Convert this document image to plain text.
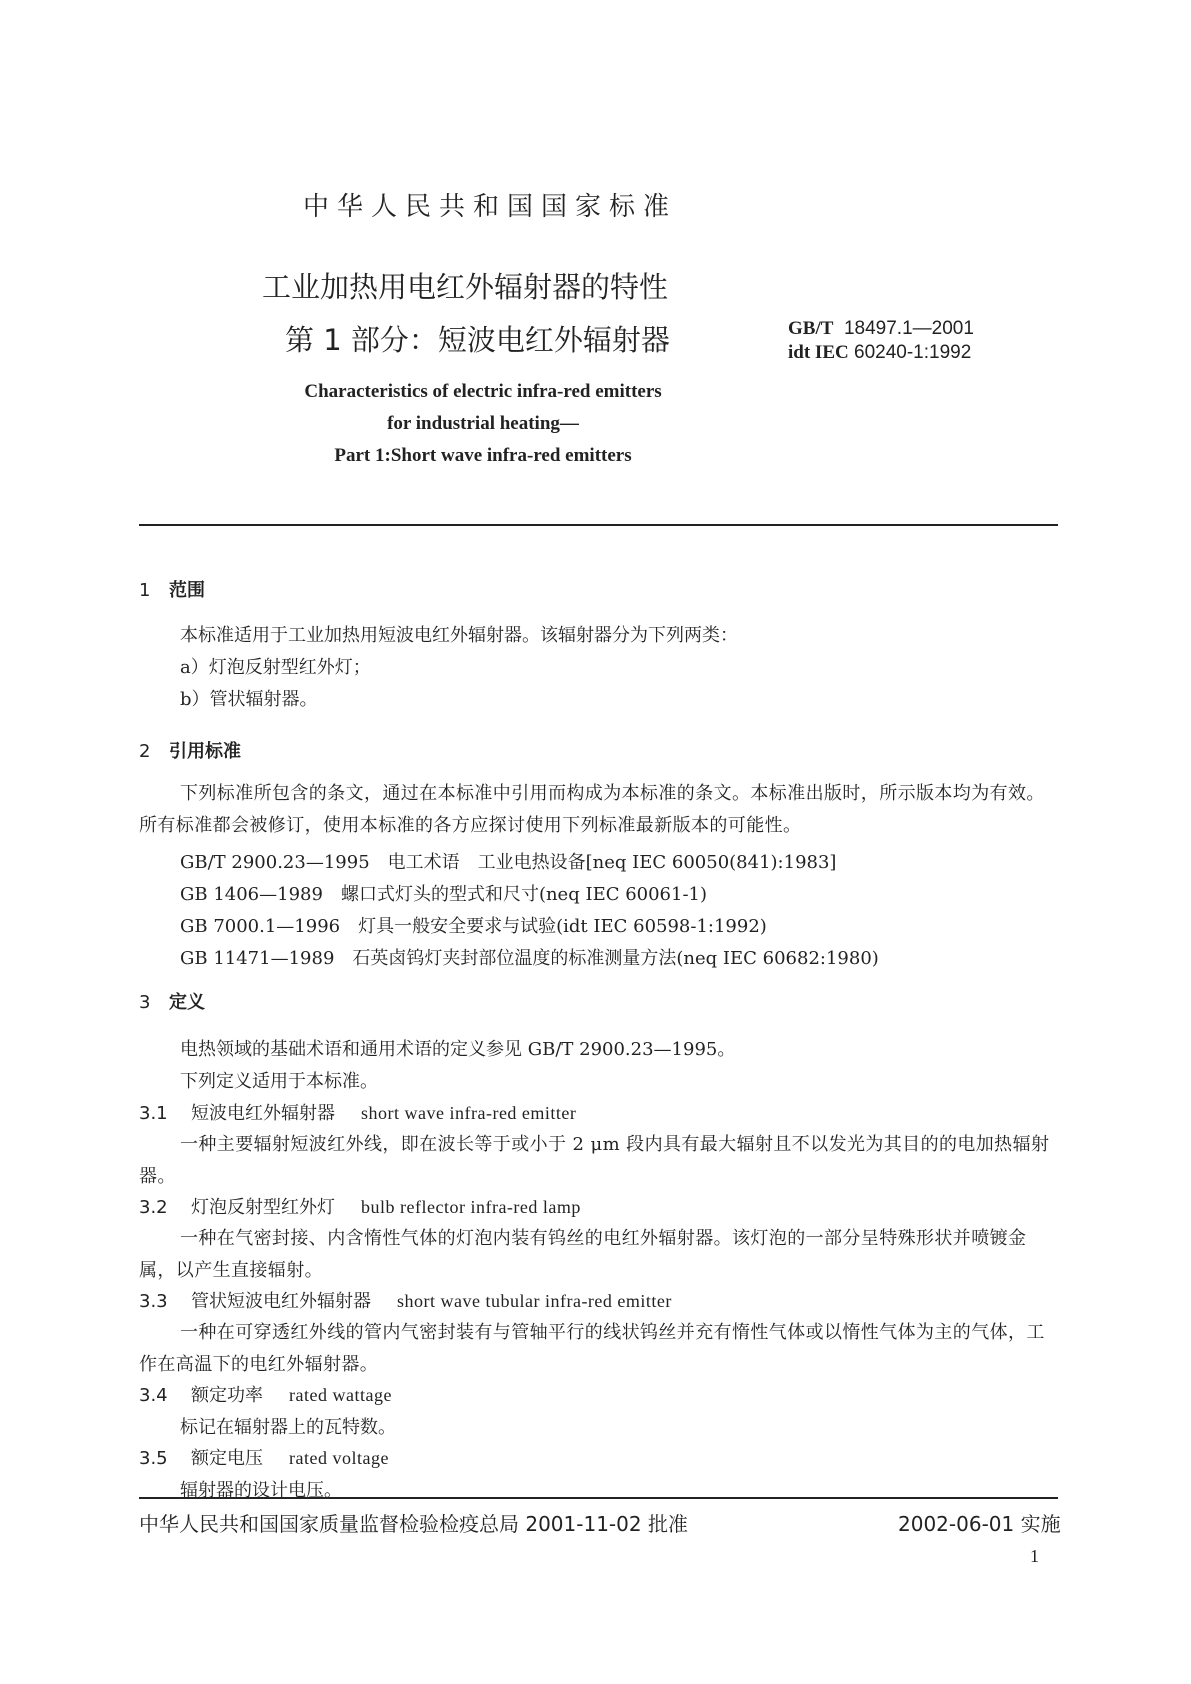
中华人民共和国国家标准
工业加热用电红外辐射器的特性
第 1 部分：短波电红外辐射器	GB/T 18497.1—2001
idt IEC 60240-1:1992
Characteristics of electric infra-red emitters
for industrial heating—
Part 1:Short wave infra-red emitters
1 范围
本标准适用于工业加热用短波电红外辐射器。该辐射器分为下列两类：
a）灯泡反射型红外灯；
b）管状辐射器。
2 引用标准
下列标准所包含的条文，通过在本标准中引用而构成为本标准的条文。本标准出版时，所示版本均为有效。所有标准都会被修订，使用本标准的各方应探讨使用下列标准最新版本的可能性。
GB/T 2900.23—1995　电工术语　工业电热设备[neq IEC 60050(841):1983]
GB 1406—1989　螺口式灯头的型式和尺寸(neq IEC 60061-1)
GB 7000.1—1996　灯具一般安全要求与试验(idt IEC 60598-1:1992)
GB 11471—1989　石英卤钨灯夹封部位温度的标准测量方法(neq IEC 60682:1980)
3 定义
电热领域的基础术语和通用术语的定义参见 GB/T 2900.23—1995。
下列定义适用于本标准。
3.1 短波电红外辐射器 short wave infra-red emitter
一种主要辐射短波红外线，即在波长等于或小于 2 μm 段内具有最大辐射且不以发光为其目的的电加热辐射器。
3.2 灯泡反射型红外灯 bulb reflector infra-red lamp
一种在气密封接、内含惰性气体的灯泡内装有钨丝的电红外辐射器。该灯泡的一部分呈特殊形状并喷镀金属，以产生直接辐射。
3.3 管状短波电红外辐射器 short wave tubular infra-red emitter
一种在可穿透红外线的管内气密封装有与管轴平行的线状钨丝并充有惰性气体或以惰性气体为主的气体，工作在高温下的电红外辐射器。
3.4 额定功率 rated wattage
标记在辐射器上的瓦特数。
3.5 额定电压 rated voltage
辐射器的设计电压。
中华人民共和国国家质量监督检验检疫总局 2001-11-02 批准	2002-06-01 实施
1
